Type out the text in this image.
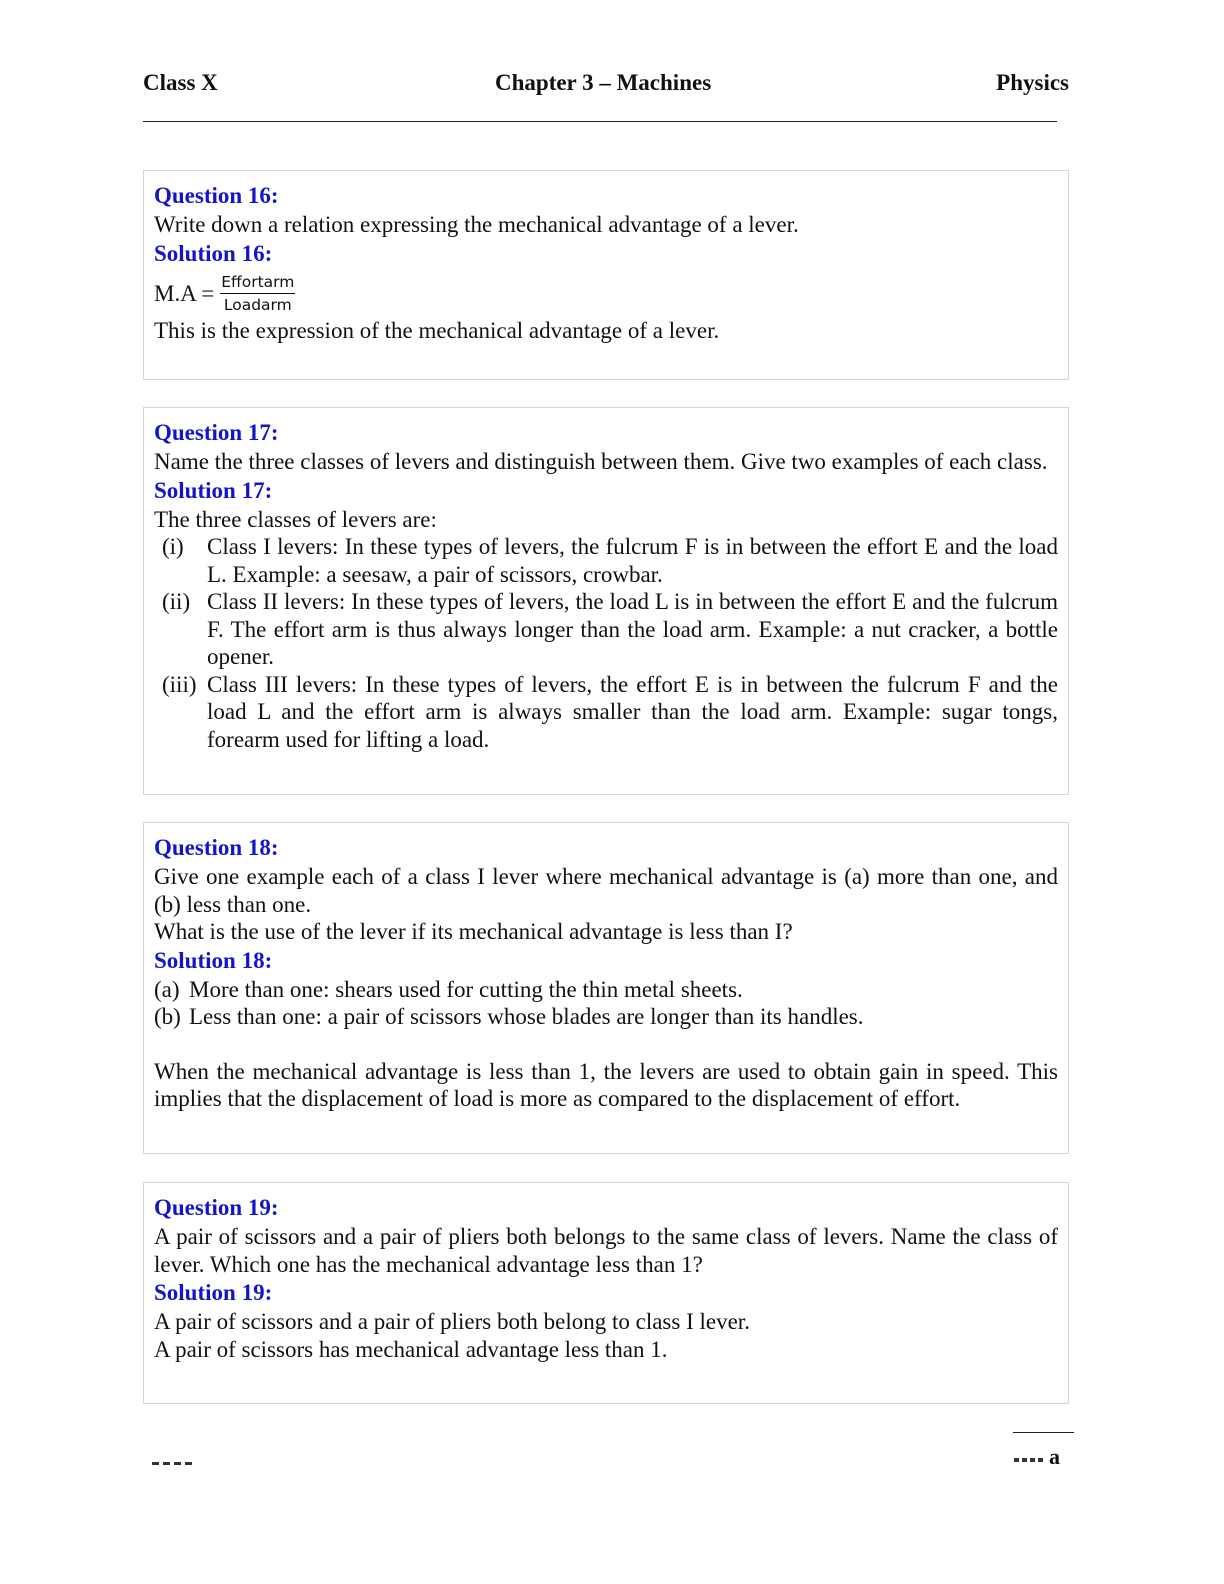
Class X	Chapter 3 – Machines	Physics

Question 16:

Write down a relation expressing the mechanical advantage of a lever.

Solution 16:

$M.A = \frac{\text{Effortarm}}{\text{Loadarm}}$

This is the expression of the mechanical advantage of a lever.

Question 17:

Name the three classes of levers and distinguish between them. Give two examples of each class.

Solution 17:

The three classes of levers are:

(i)	Class I levers: In these types of levers, the fulcrum F is in between the effort E and the load L. Example: a seesaw, a pair of scissors, crowbar.
(ii) Class II levers: In these types of levers, the load L is in between the effort E and the fulcrum F. The effort arm is thus always longer than the load arm. Example: a nut cracker, a bottle opener.
(iii) Class III levers: In these types of levers, the effort E is in between the fulcrum F and the load L and the effort arm is always smaller than the load arm. Example: sugar tongs, forearm used for lifting a load.

Question 18:

Give one example each of a class I lever where mechanical advantage is (a) more than one, and (b) less than one.

What is the use of the lever if its mechanical advantage is less than I?

Solution 18:

(a) More than one: shears used for cutting the thin metal sheets.
(b) Less than one: a pair of scissors whose blades are longer than its handles.

When the mechanical advantage is less than 1, the levers are used to obtain gain in speed. This implies that the displacement of load is more as compared to the displacement of effort.

Question 19:

A pair of scissors and a pair of pliers both belongs to the same class of levers. Name the class of lever. Which one has the mechanical advantage less than 1?

Solution 19:

A pair of scissors and a pair of pliers both belong to class I lever.

A pair of scissors has mechanical advantage less than 1.

a
